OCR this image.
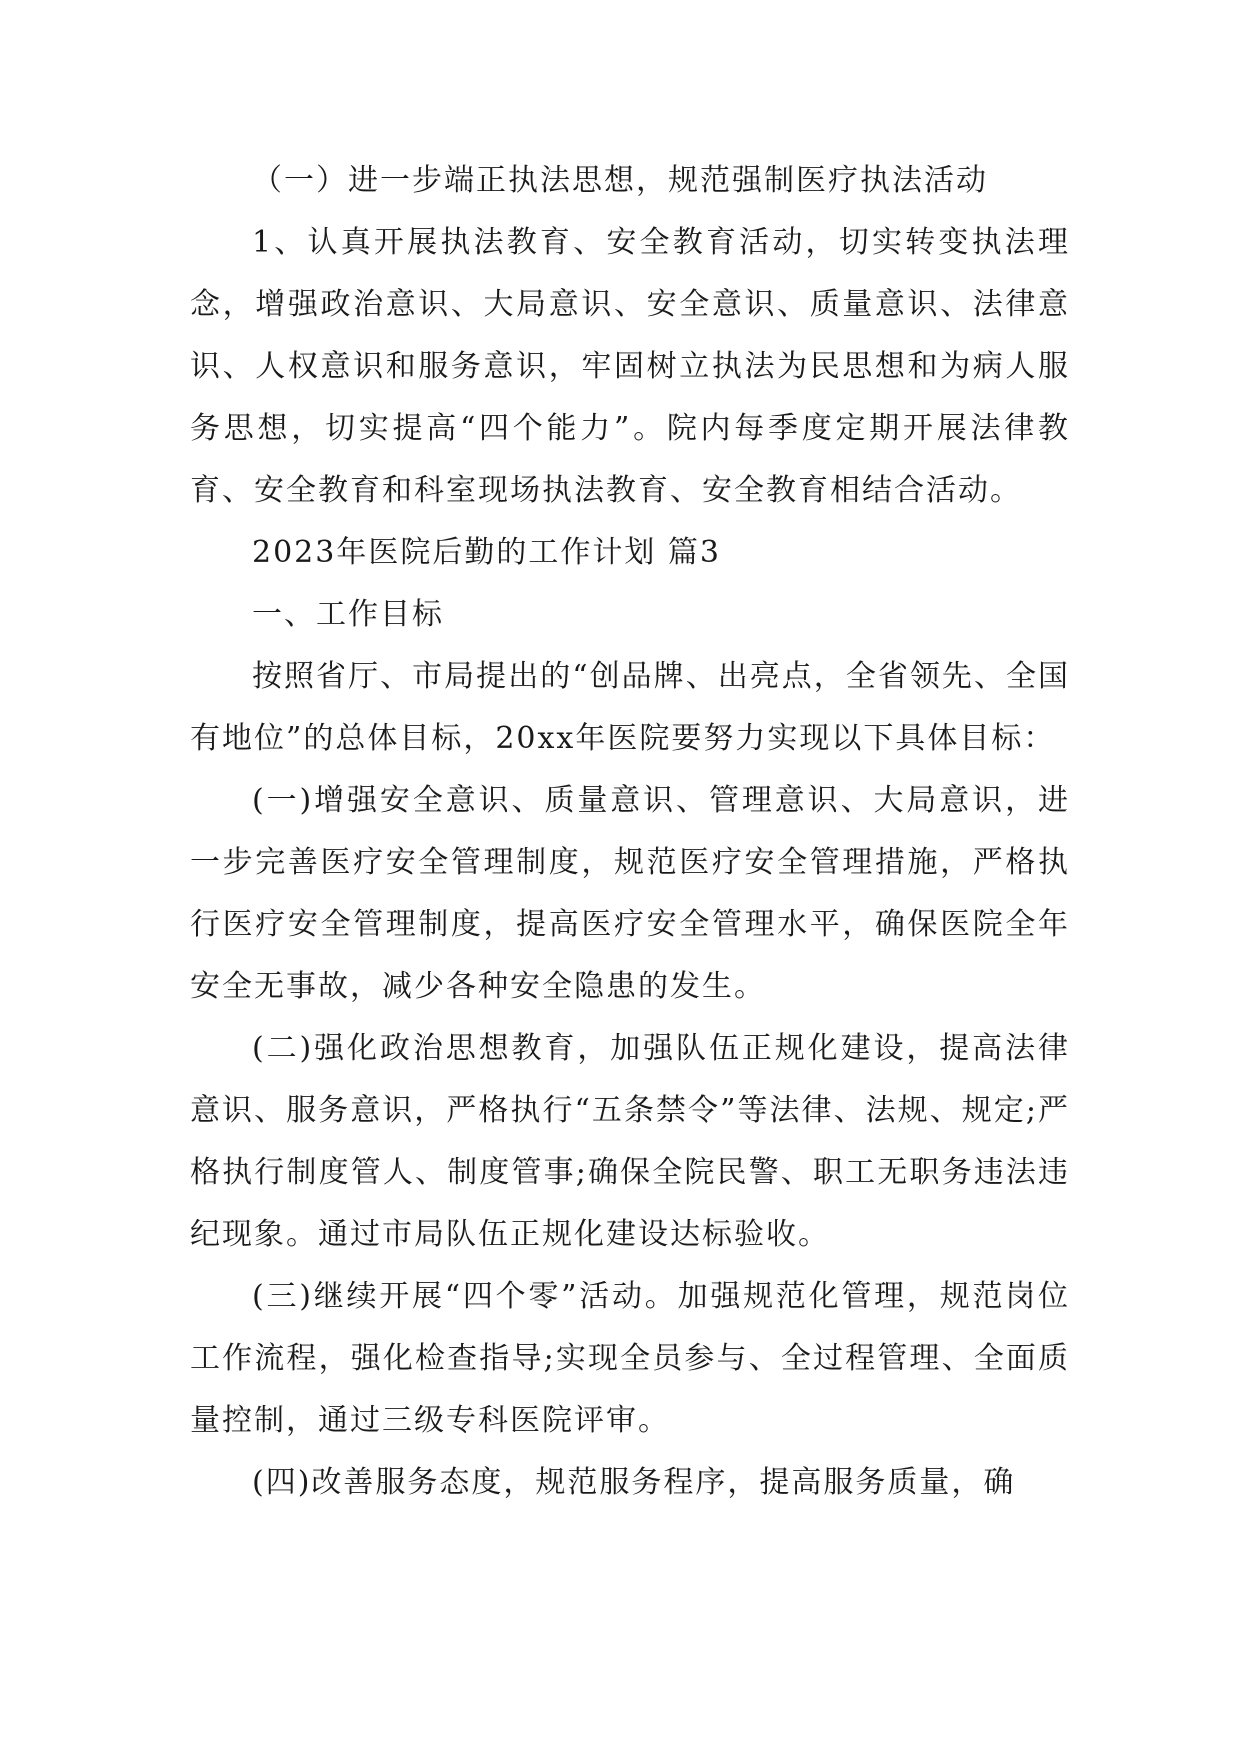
（一）进一步端正执法思想，规范强制医疗执法活动

1、认真开展执法教育、安全教育活动，切实转变执法理念，增强政治意识、大局意识、安全意识、质量意识、法律意识、人权意识和服务意识，牢固树立执法为民思想和为病人服务思想，切实提高“四个能力”。院内每季度定期开展法律教育、安全教育和科室现场执法教育、安全教育相结合活动。

2023年医院后勤的工作计划 篇3

一、工作目标

按照省厅、市局提出的“创品牌、出亮点，全省领先、全国有地位”的总体目标，20xx年医院要努力实现以下具体目标：

(一)增强安全意识、质量意识、管理意识、大局意识，进一步完善医疗安全管理制度，规范医疗安全管理措施，严格执行医疗安全管理制度，提高医疗安全管理水平，确保医院全年安全无事故，减少各种安全隐患的发生。

(二)强化政治思想教育，加强队伍正规化建设，提高法律意识、服务意识，严格执行“五条禁令”等法律、法规、规定;严格执行制度管人、制度管事;确保全院民警、职工无职务违法违纪现象。通过市局队伍正规化建设达标验收。

(三)继续开展“四个零”活动。加强规范化管理，规范岗位工作流程，强化检查指导;实现全员参与、全过程管理、全面质量控制，通过三级专科医院评审。

(四)改善服务态度，规范服务程序，提高服务质量，确
